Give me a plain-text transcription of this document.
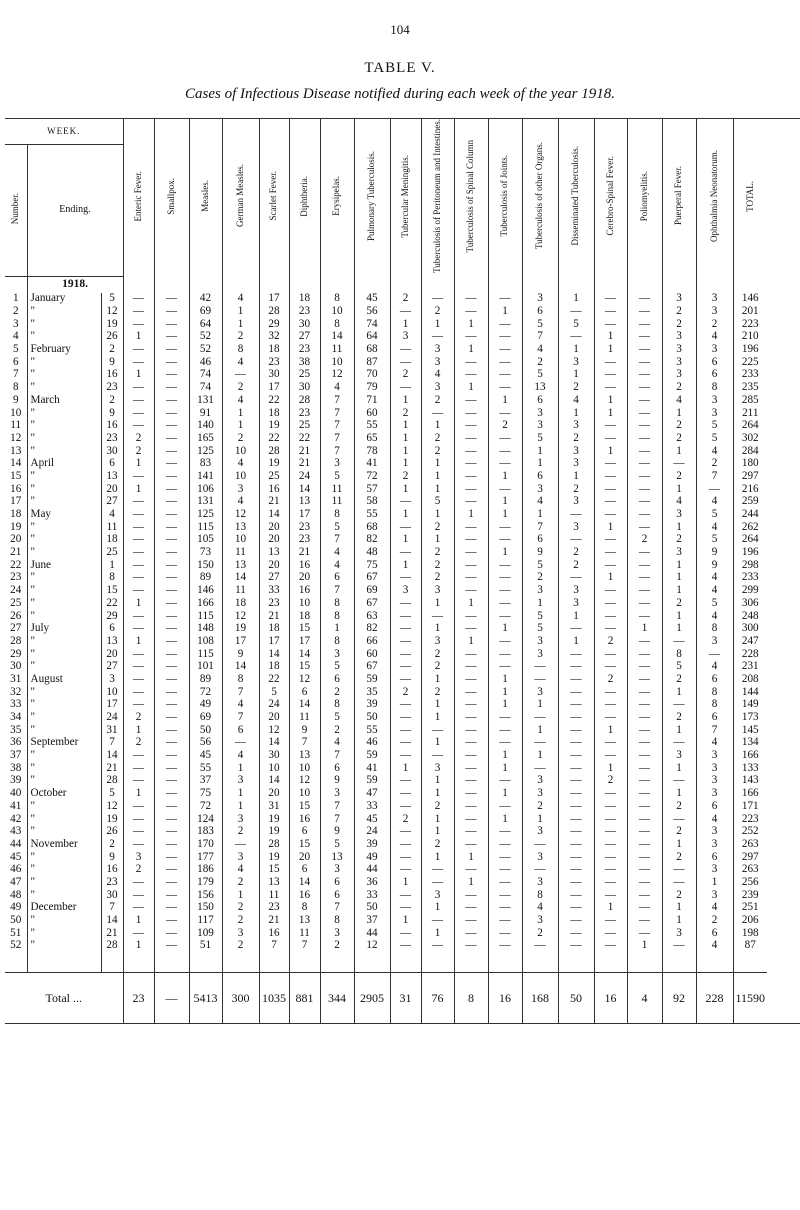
104
TABLE V.
Cases of Infectious Disease notified during each week of the year 1918.
WEEK.			Enteric Fever.	Smallpox.	Measles.	German Measles.	Scarlet Fever.	Diphtheria.	Erysipelas.	Pulmonary Tuberculosis.	Tubercular Meningitis.	Tuberculosis of Peritoneum and Intestines.	Tuberculosis of Spinal Column	Tuberculosis of Joints.	Tuberculosis of other Organs.	Disseminated Tuberculosis.	Cerebro-Spinal Fever.	Poliomyelitis.	Puerperal Fever.	Ophthalmia Neonatorum.	TOTAL.
Number.	Ending.																				
	1918.																				
1	January	5	—	—	42	4	17	18	8	45	2	—	—	—	3	1	—	—	3	3	146
2	"	12	—	—	69	1	28	23	10	56	—	2	—	1	6	—	—	—	2	3	201
3	"	19	—	—	64	1	29	30	8	74	1	1	1	—	5	5	—	—	2	2	223
4	"	26	1	—	52	2	32	27	14	64	3	—	—	—	7	—	1	—	3	4	210
5	February	2	—	—	52	8	18	23	11	68	—	3	1	—	4	1	1	—	3	3	196
6	"	9	—	—	46	4	23	38	10	87	—	3	—	—	2	3	—	—	3	6	225
7	"	16	1	—	74	—	30	25	12	70	2	4	—	—	5	1	—	—	3	6	233
8	"	23	—	—	74	2	17	30	4	79	—	3	1	—	13	2	—	—	2	8	235
9	March	2	—	—	131	4	22	28	7	71	1	2	—	1	6	4	1	—	4	3	285
10	"	9	—	—	91	1	18	23	7	60	2	—	—	—	3	1	1	—	1	3	211
11	"	16	—	—	140	1	19	25	7	55	1	1	—	2	3	3	—	—	2	5	264
12	"	23	2	—	165	2	22	22	7	65	1	2	—	—	5	2	—	—	2	5	302
13	"	30	2	—	125	10	28	21	7	78	1	2	—	—	1	3	1	—	1	4	284
14	April	6	1	—	83	4	19	21	3	41	1	1	—	—	1	3	—	—	—	2	180
15	"	13	—	—	141	10	25	24	5	72	2	1	—	1	6	1	—	—	2	7	297
16	"	20	1	—	106	3	16	14	11	57	1	1	—	—	3	2	—	—	1	—	216
17	"	27	—	—	131	4	21	13	11	58	—	5	—	1	4	3	—	—	4	4	259
18	May	4	—	—	125	12	14	17	8	55	1	1	1	1	1	—	—	—	3	5	244
19	"	11	—	—	115	13	20	23	5	68	—	2	—	—	7	3	1	—	1	4	262
20	"	18	—	—	105	10	20	23	7	82	1	1	—	—	6	—	—	2	2	5	264
21	"	25	—	—	73	11	13	21	4	48	—	2	—	1	9	2	—	—	3	9	196
22	June	1	—	—	150	13	20	16	4	75	1	2	—	—	5	2	—	—	1	9	298
23	"	8	—	—	89	14	27	20	6	67	—	2	—	—	2	—	1	—	1	4	233
24	"	15	—	—	146	11	33	16	7	69	3	3	—	—	3	3	—	—	1	4	299
25	"	22	1	—	166	18	23	10	8	67	—	1	1	—	1	3	—	—	2	5	306
26	"	29	—	—	115	12	21	18	8	63	—	—	—	—	5	1	—	—	1	4	248
27	July	6	—	—	148	19	18	15	1	82	—	1	—	1	5	—	—	1	1	8	300
28	"	13	1	—	108	17	17	17	8	66	—	3	1	—	3	1	2	—	—	3	247
29	"	20	—	—	115	9	14	14	3	60	—	2	—	—	3	—	—	—	8	—	228
30	"	27	—	—	101	14	18	15	5	67	—	2	—	—	—	—	—	—	5	4	231
31	August	3	—	—	89	8	22	12	6	59	—	1	—	1	—	—	2	—	2	6	208
32	"	10	—	—	72	7	5	6	2	35	2	2	—	1	3	—	—	—	1	8	144
33	"	17	—	—	49	4	24	14	8	39	—	1	—	1	1	—	—	—	—	8	149
34	"	24	2	—	69	7	20	11	5	50	—	1	—	—	—	—	—	—	2	6	173
35	"	31	1	—	50	6	12	9	2	55	—	—	—	—	1	—	1	—	1	7	145
36	September	7	2	—	56	—	14	7	4	46	—	1	—	—	—	—	—	—	—	4	134
37	"	14	—	—	45	4	30	13	7	59	—	—	—	1	1	—	—	—	3	3	166
38	"	21	—	—	55	1	10	10	6	41	1	3	—	1	—	—	1	—	1	3	133
39	"	28	—	—	37	3	14	12	9	59	—	1	—	—	3	—	2	—	—	3	143
40	October	5	1	—	75	1	20	10	3	47	—	1	—	1	3	—	—	—	1	3	166
41	"	12	—	—	72	1	31	15	7	33	—	2	—	—	2	—	—	—	2	6	171
42	"	19	—	—	124	3	19	16	7	45	2	1	—	1	1	—	—	—	—	4	223
43	"	26	—	—	183	2	19	6	9	24	—	1	—	—	3	—	—	—	2	3	252
44	November	2	—	—	170	—	28	15	5	39	—	2	—	—	—	—	—	—	1	3	263
45	"	9	3	—	177	3	19	20	13	49	—	1	1	—	3	—	—	—	2	6	297
46	"	16	2	—	186	4	15	6	3	44	—	—	—	—	—	—	—	—	—	3	263
47	"	23	—	—	179	2	13	14	6	36	1	—	1	—	3	—	—	—	—	1	256
48	"	30	—	—	156	1	11	16	6	33	—	3	—	—	8	—	—	—	2	3	239
49	December	7	—	—	150	2	23	8	7	50	—	1	—	—	4	—	1	—	1	4	251
50	"	14	1	—	117	2	21	13	8	37	1	—	—	—	3	—	—	—	1	2	206
51	"	21	—	—	109	3	16	11	3	44	—	1	—	—	2	—	—	—	3	6	198
52	"	28	1	—	51	2	7	7	2	12	—	—	—	—	—	—	—	1	—	4	87

Total ...			23	—	5413	300	1035	881	344	2905	31	76	8	16	168	50	16	4	92	228	11590
